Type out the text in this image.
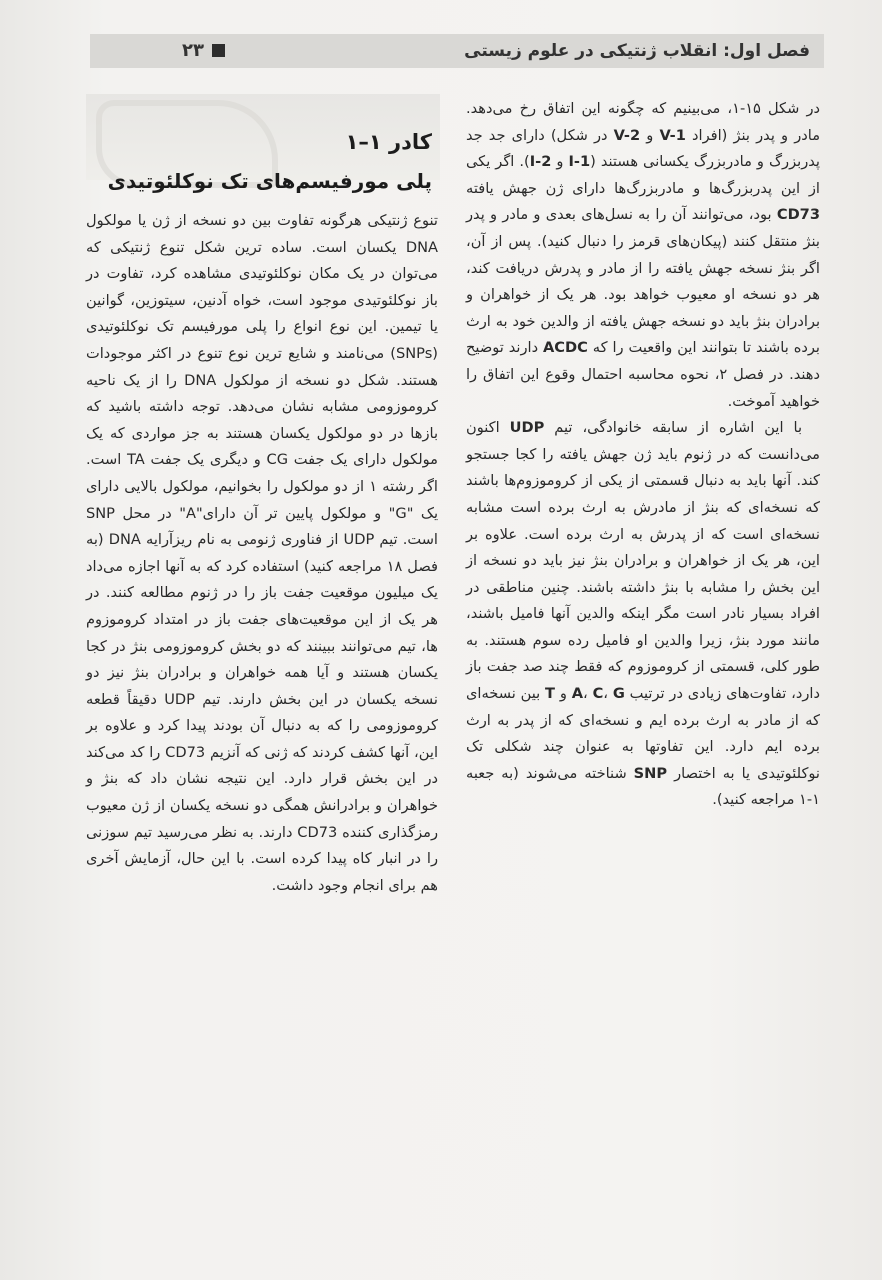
فصل اول: انقلاب ژنتیکی در علوم زیستی
۲۳
کادر ۱–۱
پلی مورفیسم‌های تک نوکلئوتیدی

در شکل ۱۵-۱، می‌بینیم که چگونه این اتفاق رخ می‌دهد. مادر و پدر بنژ (افراد V-1 و V-2 در شکل) دارای جد جد پدربزرگ و مادربزرگ یکسانی هستند (I-1 و I-2). اگر یکی از این پدربزرگ‌ها و مادربزرگ‌ها دارای ژن جهش یافته CD73 بود، می‌توانند آن را به نسل‌های بعدی و مادر و پدر بنژ منتقل کنند (پیکان‌های قرمز را دنبال کنید). پس از آن، اگر بنژ نسخه جهش یافته را از مادر و پدرش دریافت کند، هر دو نسخه او معیوب خواهد بود. هر یک از خواهران و برادران بنژ باید دو نسخه جهش یافته از والدین خود به ارث برده باشند تا بتوانند این واقعیت را که ACDC دارند توضیح دهند. در فصل ۲، نحوه محاسبه احتمال وقوع این اتفاق را خواهید آموخت.

با این اشاره از سابقه خانوادگی، تیم UDP اکنون می‌دانست که در ژنوم باید ژن جهش یافته را کجا جستجو کند. آنها باید به دنبال قسمتی از یکی از کروموزوم‌ها باشند که نسخه‌ای که بنژ از مادرش به ارث برده است مشابه نسخه‌ای است که از پدرش به ارث برده است. علاوه بر این، هر یک از خواهران و برادران بنژ نیز باید دو نسخه از این بخش را مشابه با بنژ داشته باشند. چنین مناطقی در افراد بسیار نادر است مگر اینکه والدین آنها فامیل باشند، مانند مورد بنژ، زیرا والدین او فامیل رده سوم هستند. به طور کلی، قسمتی از کروموزوم که فقط چند صد جفت باز دارد، تفاوت‌های زیادی در ترتیب A، C، G و T بین نسخه‌ای که از مادر به ارث برده ایم و نسخه‌ای که از پدر به ارث برده ایم دارد. این تفاوتها به عنوان چند شکلی تک نوکلئوتیدی یا به اختصار SNP شناخته می‌شوند (به جعبه ۱-۱ مراجعه کنید).

تنوع ژنتیکی هرگونه تفاوت بین دو نسخه از ژن یا مولکول DNA یکسان است. ساده ترین شکل تنوع ژنتیکی که می‌توان در یک مکان نوکلئوتیدی مشاهده کرد، تفاوت در باز نوکلئوتیدی موجود است، خواه آدنین، سیتوزین، گوانین یا تیمین. این نوع انواع را پلی مورفیسم تک نوکلئوتیدی (SNPs) می‌نامند و شایع ترین نوع تنوع در اکثر موجودات هستند. شکل دو نسخه از مولکول DNA را از یک ناحیه کروموزومی مشابه نشان می‌دهد. توجه داشته باشید که بازها در دو مولکول یکسان هستند به جز مواردی که یک مولکول دارای یک جفت CG و دیگری یک جفت TA است. اگر رشته ۱ از دو مولکول را بخوانیم، مولکول بالایی دارای یک "G" و مولکول پایین تر آن دارای"A" در محل SNP است. تیم UDP از فناوری ژنومی به نام ریزآرایه DNA (به فصل ۱۸ مراجعه کنید) استفاده کرد که به آنها اجازه می‌داد یک میلیون موقعیت جفت باز را در ژنوم مطالعه کنند. در هر یک از این موقعیت‌های جفت باز در امتداد کروموزوم ها، تیم می‌توانند ببینند که دو بخش کروموزومی بنژ در کجا یکسان هستند و آیا همه خواهران و برادران بنژ نیز دو نسخه یکسان در این بخش دارند. تیم UDP دقیقاً قطعه کروموزومی را که به دنبال آن بودند پیدا کرد و علاوه بر این، آنها کشف کردند که ژنی که آنزیم CD73 را کد می‌کند در این بخش قرار دارد. این نتیجه نشان داد که بنژ و خواهران و برادرانش همگی دو نسخه یکسان از ژن معیوب رمزگذاری کننده CD73 دارند. به نظر می‌رسید تیم سوزنی را در انبار کاه پیدا کرده است. با این حال، آزمایش آخری هم برای انجام وجود داشت.
